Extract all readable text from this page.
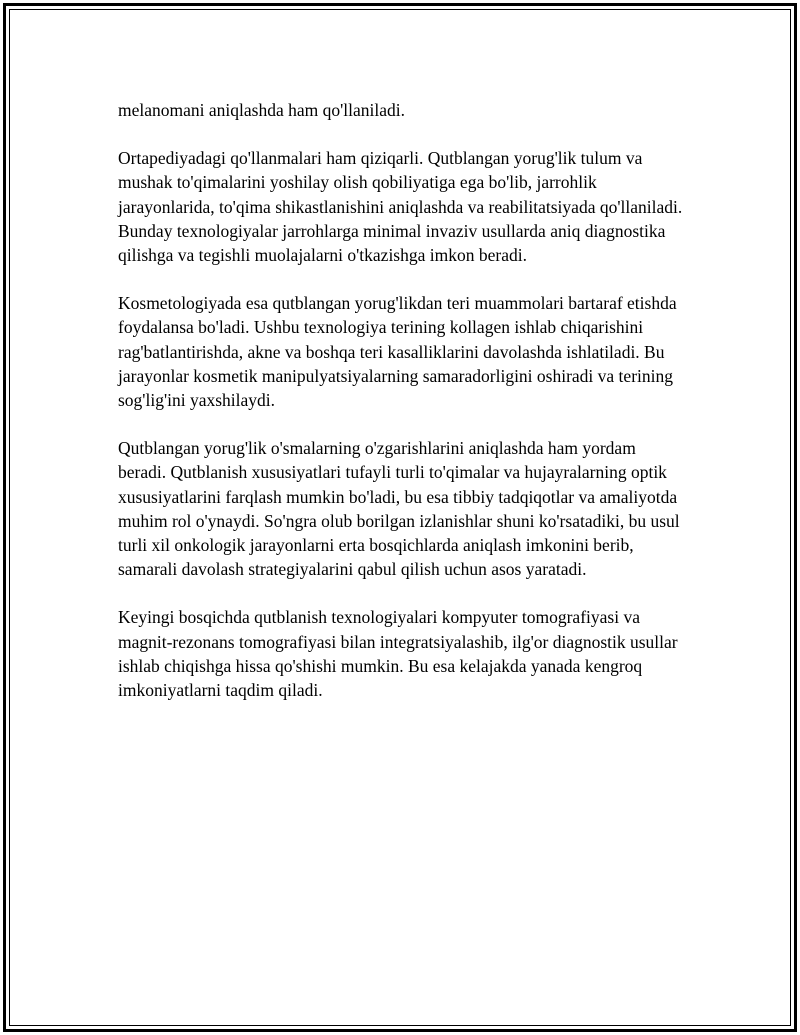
melanomani aniqlashda ham qo'llaniladi.

Ortapediyadagi qo'llanmalari ham qiziqarli. Qutblangan yorug'lik tulum va mushak to'qimalarini yoshilay olish qobiliyatiga ega bo'lib, jarrohlik jarayonlarida, to'qima shikastlanishini aniqlashda va reabilitatsiyada qo'llaniladi. Bunday texnologiyalar jarrohlarga minimal invaziv usullarda aniq diagnostika qilishga va tegishli muolajalarni o'tkazishga imkon beradi.

Kosmetologiyada esa qutblangan yorug'likdan teri muammolari bartaraf etishda foydalansa bo'ladi. Ushbu texnologiya terining kollagen ishlab chiqarishini rag'batlantirishda, akne va boshqa teri kasalliklarini davolashda ishlatiladi. Bu jarayonlar kosmetik manipulyatsiyalarning samaradorligini oshiradi va terining sog'lig'ini yaxshilaydi.

Qutblangan yorug'lik o'smalarning o'zgarishlarini aniqlashda ham yordam beradi. Qutblanish xususiyatlari tufayli turli to'qimalar va hujayralarning optik xususiyatlarini farqlash mumkin bo'ladi, bu esa tibbiy tadqiqotlar va amaliyotda muhim rol o'ynaydi. So'ngra olub borilgan izlanishlar shuni ko'rsatadiki, bu usul turli xil onkologik jarayonlarni erta bosqichlarda aniqlash imkonini berib, samarali davolash strategiyalarini qabul qilish uchun asos yaratadi.

Keyingi bosqichda qutblanish texnologiyalari kompyuter tomografiyasi va magnit-rezonans tomografiyasi bilan integratsiyalashib, ilg'or diagnostik usullar ishlab chiqishga hissa qo'shishi mumkin. Bu esa kelajakda yanada kengroq imkoniyatlarni taqdim qiladi.
